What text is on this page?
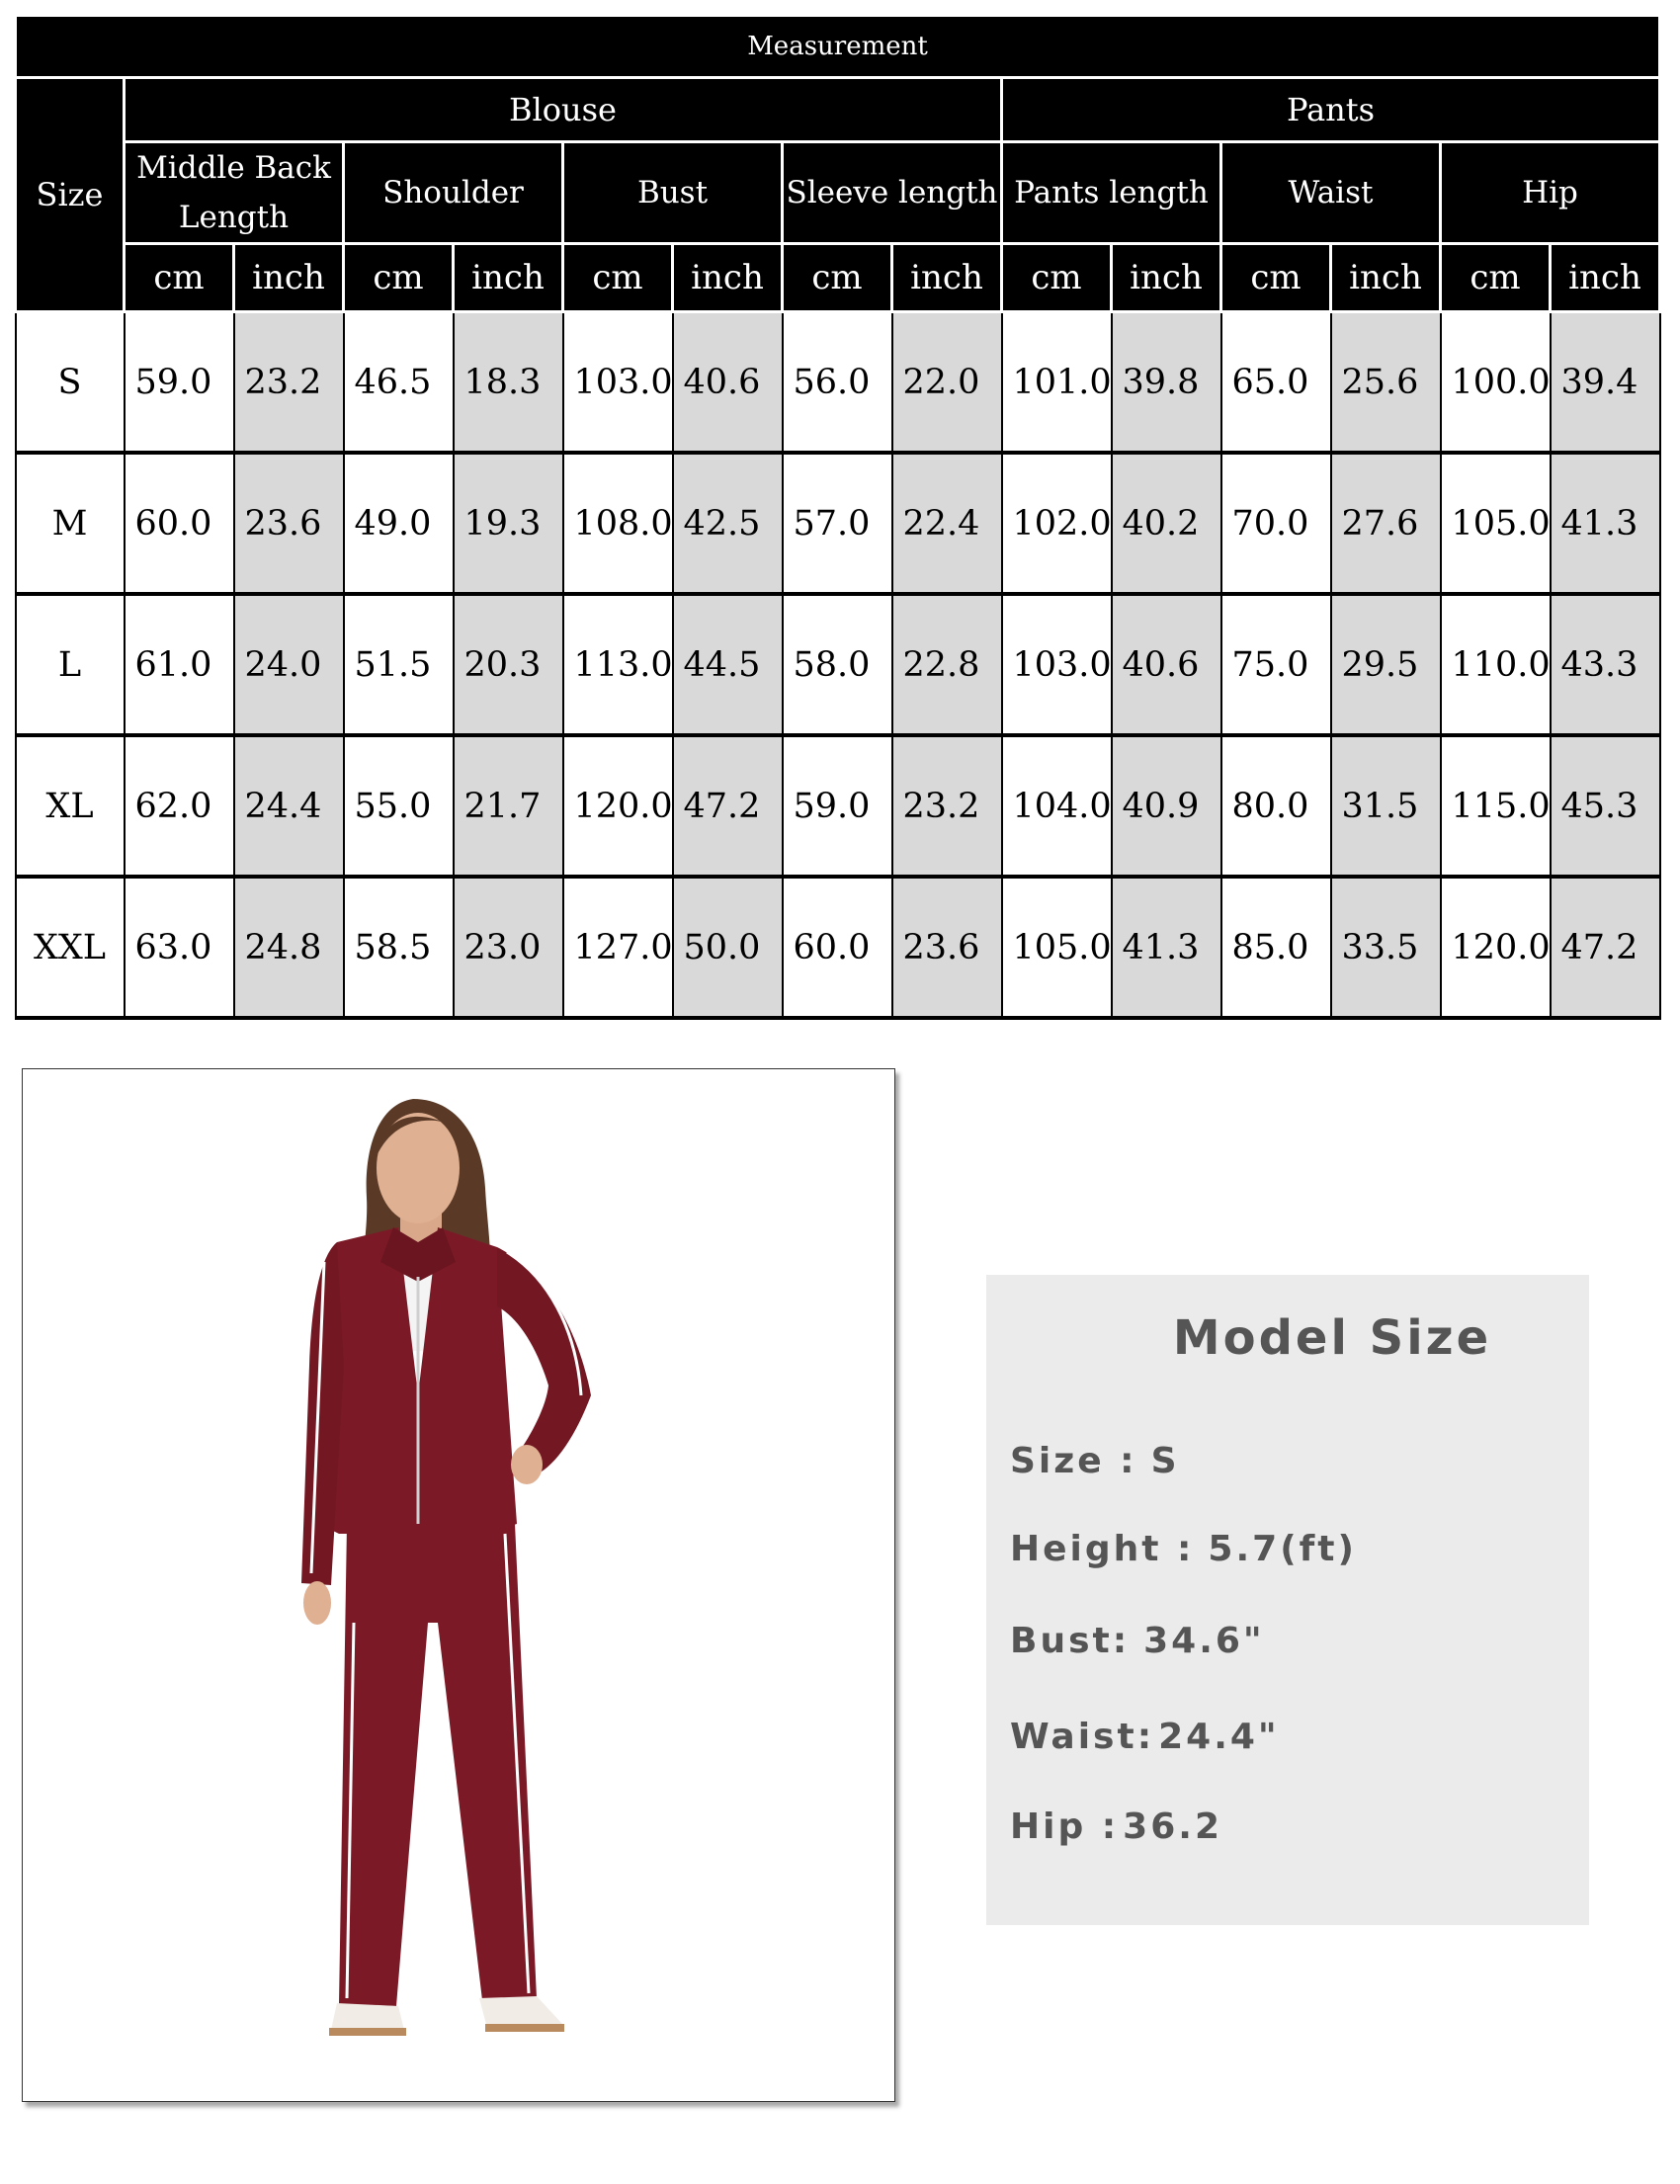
Measurement														
Size	Blouse								Pants					
	Middle Back
Length		Shoulder		Bust		Sleeve length		Pants length		Waist		Hip	
	cm	inch	cm	inch	cm	inch	cm	inch	cm	inch	cm	inch	cm	inch
S	59.0	23.2	46.5	18.3	103.0	40.6	56.0	22.0	101.0	39.8	65.0	25.6	100.0	39.4
M	60.0	23.6	49.0	19.3	108.0	42.5	57.0	22.4	102.0	40.2	70.0	27.6	105.0	41.3
L	61.0	24.0	51.5	20.3	113.0	44.5	58.0	22.8	103.0	40.6	75.0	29.5	110.0	43.3
XL	62.0	24.4	55.0	21.7	120.0	47.2	59.0	23.2	104.0	40.9	80.0	31.5	115.0	45.3
XXL	63.0	24.8	58.5	23.0	127.0	50.0	60.0	23.6	105.0	41.3	85.0	33.5	120.0	47.2
Model Size
Size : S
Height : 5.7(ft)
Bust: 34.6"
Waist: 24.4"
Hip : 36.2
